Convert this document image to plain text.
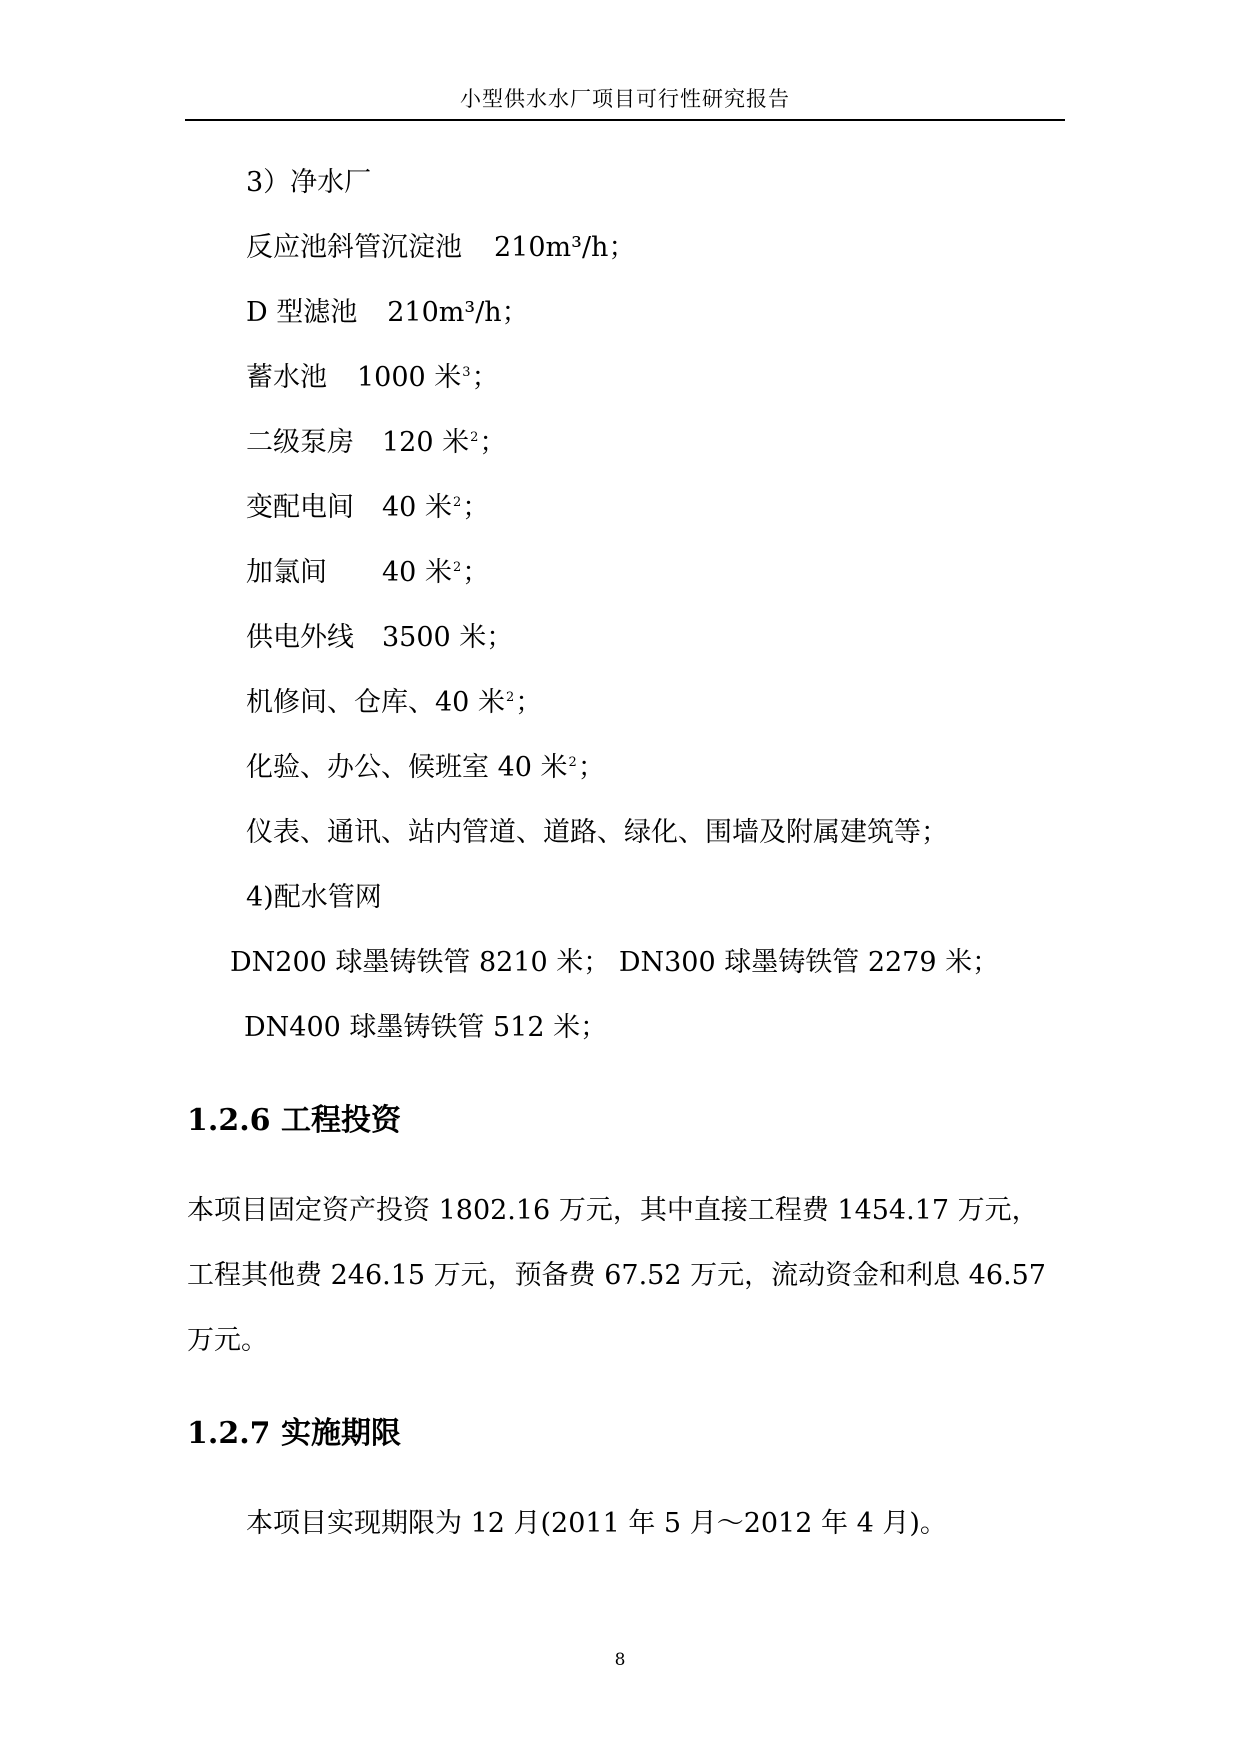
小型供水水厂项目可行性研究报告
3）净水厂
反应池斜管沉淀池 210m³/h；
D 型滤池 210m³/h；
蓄水池 1000 米$^3$；
二级泵房 120 米$^2$；
变配电间 40 米$^2$；
加氯间 40 米$^2$；
供电外线 3500 米；
机修间、仓库、40 米$^2$；
化验、办公、候班室 40 米$^2$；
仪表、通讯、站内管道、道路、绿化、围墙及附属建筑等；
4)配水管网
DN200 球墨铸铁管 8210 米； DN300 球墨铸铁管 2279 米；
DN400 球墨铸铁管 512 米；
1.2.6 工程投资
本项目固定资产投资 1802.16 万元，其中直接工程费 1454.17 万元，
工程其他费 246.15 万元，预备费 67.52 万元，流动资金和利息 46.57
万元。
1.2.7 实施期限
本项目实现期限为 12 月(2011 年 5 月～2012 年 4 月)。
8
